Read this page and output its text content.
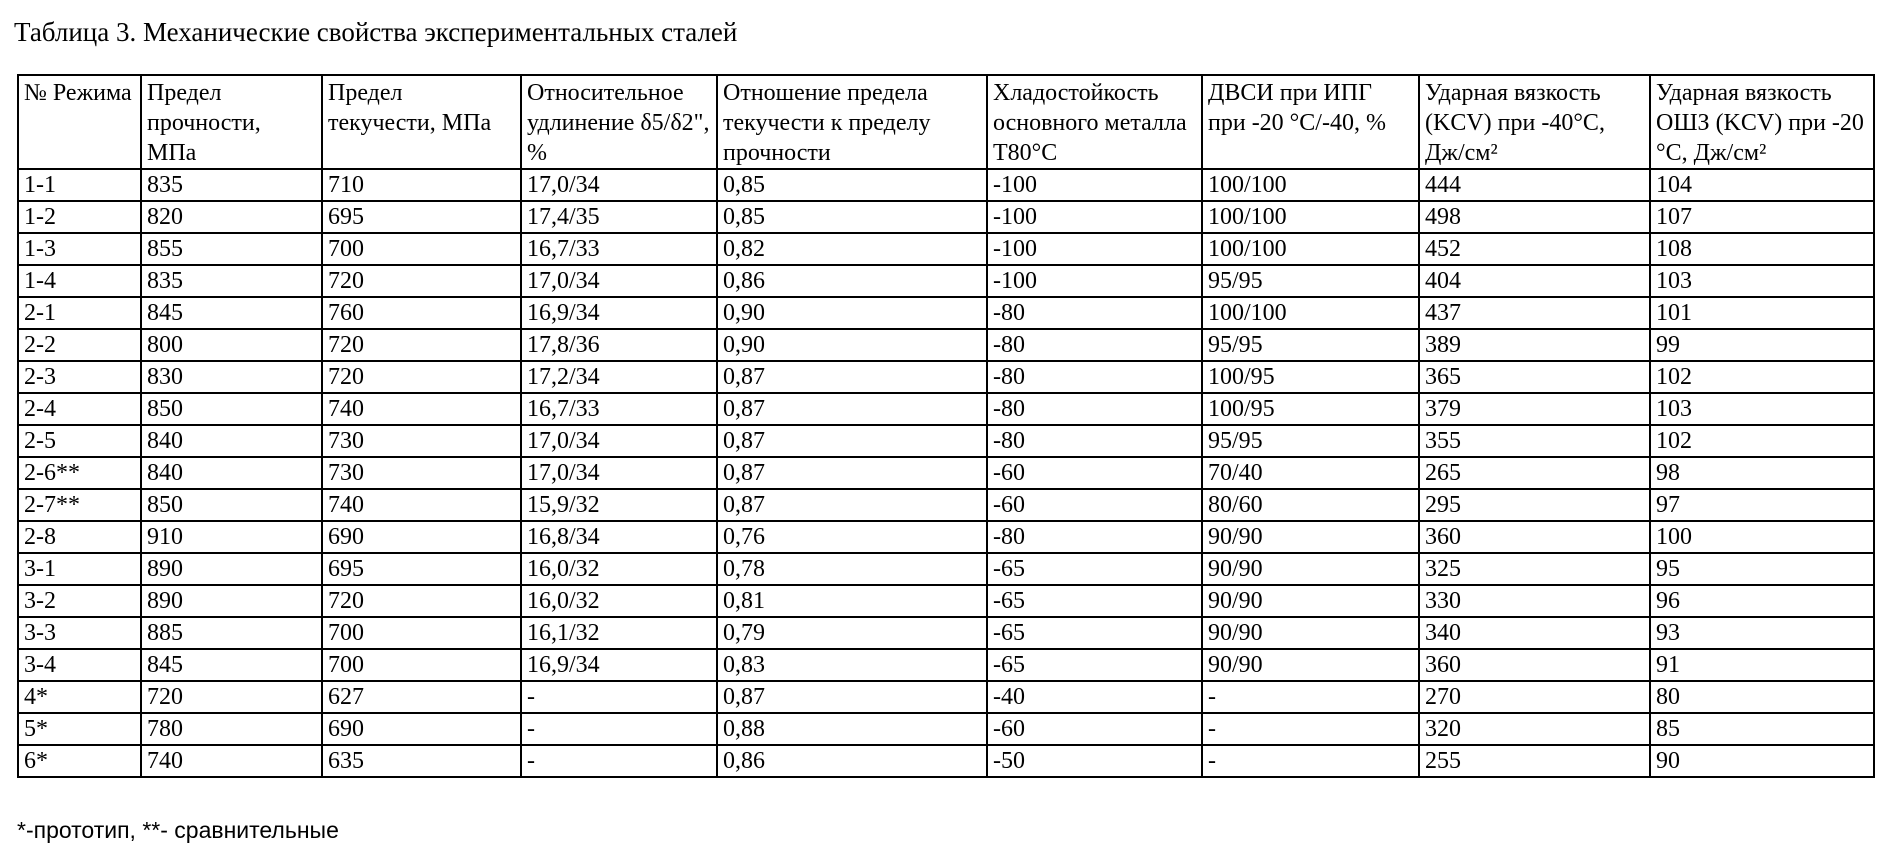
Таблица 3. Механические свойства экспериментальных сталей
№ Режима	Предел прочности, МПа	Предел текучести, МПа	Относительное удлинение δ5/δ2", %	Отношение предела текучести к пределу прочности	Хладостойкость основного металла T80°C	ДВСИ при ИПГ при -20 °С/-40, %	Ударная вязкость (KCV) при -40°С, Дж/см²	Ударная вязкость ОШЗ (KCV) при -20 °С, Дж/см²
1-1	835	710	17,0/34	0,85	-100	100/100	444	104
1-2	820	695	17,4/35	0,85	-100	100/100	498	107
1-3	855	700	16,7/33	0,82	-100	100/100	452	108
1-4	835	720	17,0/34	0,86	-100	95/95	404	103
2-1	845	760	16,9/34	0,90	-80	100/100	437	101
2-2	800	720	17,8/36	0,90	-80	95/95	389	99
2-3	830	720	17,2/34	0,87	-80	100/95	365	102
2-4	850	740	16,7/33	0,87	-80	100/95	379	103
2-5	840	730	17,0/34	0,87	-80	95/95	355	102
2-6**	840	730	17,0/34	0,87	-60	70/40	265	98
2-7**	850	740	15,9/32	0,87	-60	80/60	295	97
2-8	910	690	16,8/34	0,76	-80	90/90	360	100
3-1	890	695	16,0/32	0,78	-65	90/90	325	95
3-2	890	720	16,0/32	0,81	-65	90/90	330	96
3-3	885	700	16,1/32	0,79	-65	90/90	340	93
3-4	845	700	16,9/34	0,83	-65	90/90	360	91
4*	720	627	-	0,87	-40	-	270	80
5*	780	690	-	0,88	-60	-	320	85
6*	740	635	-	0,86	-50	-	255	90
*-прототип, **- сравнительные
